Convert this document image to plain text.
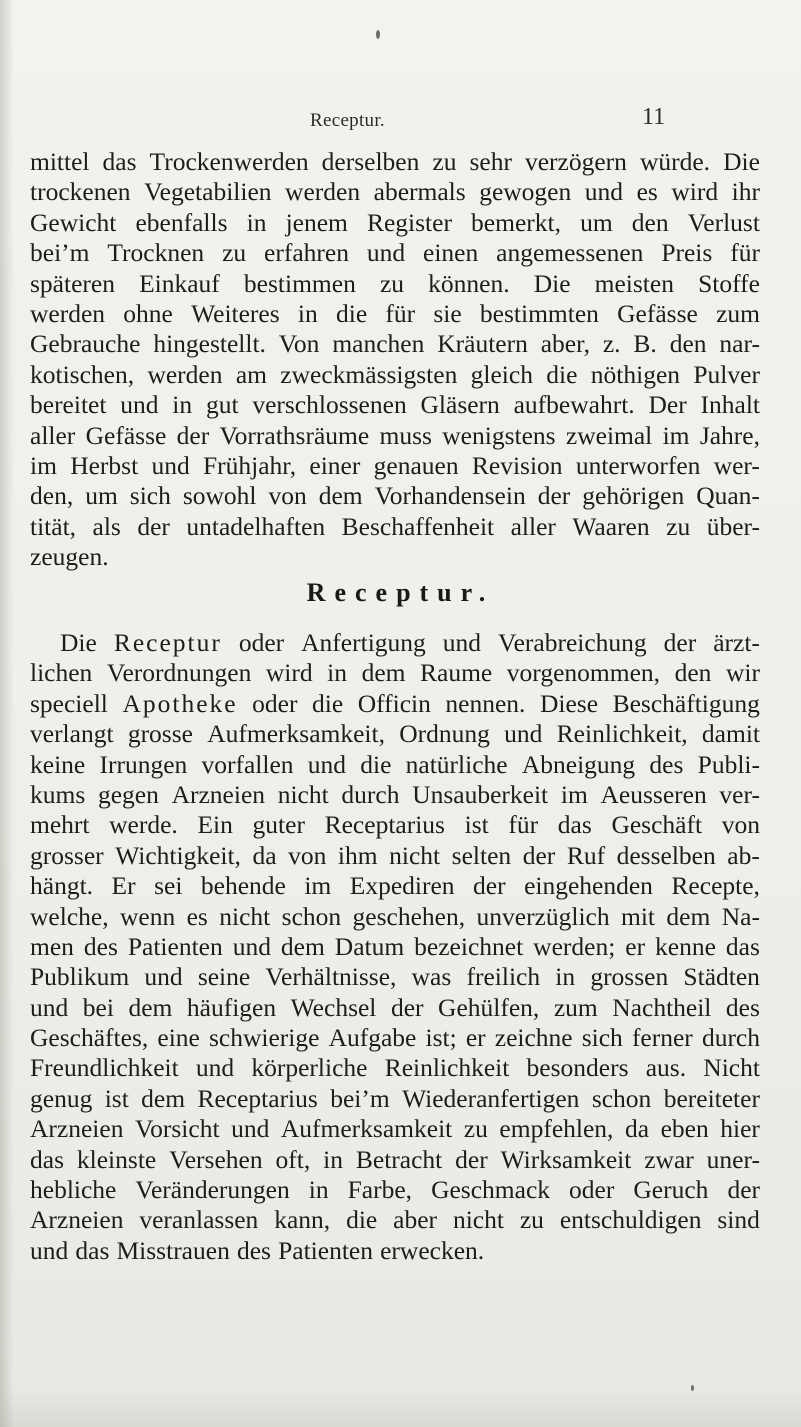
Receptur.	11
mittel das Trockenwerden derselben zu sehr verzögern würde. Die
trockenen Vegetabilien werden abermals gewogen und es wird ihr
Gewicht ebenfalls in jenem Register bemerkt, um den Verlust
bei’m Trocknen zu erfahren und einen angemessenen Preis für
späteren Einkauf bestimmen zu können. Die meisten Stoffe
werden ohne Weiteres in die für sie bestimmten Gefässe zum
Gebrauche hingestellt. Von manchen Kräutern aber, z. B. den nar-
kotischen, werden am zweckmässigsten gleich die nöthigen Pulver
bereitet und in gut verschlossenen Gläsern aufbewahrt. Der Inhalt
aller Gefässe der Vorrathsräume muss wenigstens zweimal im Jahre,
im Herbst und Frühjahr, einer genauen Revision unterworfen wer-
den, um sich sowohl von dem Vorhandensein der gehörigen Quan-
tität, als der untadelhaften Beschaffenheit aller Waaren zu über-
zeugen.
Receptur.
Die Receptur oder Anfertigung und Verabreichung der ärzt-
lichen Verordnungen wird in dem Raume vorgenommen, den wir
speciell Apotheke oder die Officin nennen. Diese Beschäftigung
verlangt grosse Aufmerksamkeit, Ordnung und Reinlichkeit, damit
keine Irrungen vorfallen und die natürliche Abneigung des Publi-
kums gegen Arzneien nicht durch Unsauberkeit im Aeusseren ver-
mehrt werde. Ein guter Receptarius ist für das Geschäft von
grosser Wichtigkeit, da von ihm nicht selten der Ruf desselben ab-
hängt. Er sei behende im Expediren der eingehenden Recepte,
welche, wenn es nicht schon geschehen, unverzüglich mit dem Na-
men des Patienten und dem Datum bezeichnet werden; er kenne das
Publikum und seine Verhältnisse, was freilich in grossen Städten
und bei dem häufigen Wechsel der Gehülfen, zum Nachtheil des
Geschäftes, eine schwierige Aufgabe ist; er zeichne sich ferner durch
Freundlichkeit und körperliche Reinlichkeit besonders aus. Nicht
genug ist dem Receptarius bei’m Wiederanfertigen schon bereiteter
Arzneien Vorsicht und Aufmerksamkeit zu empfehlen, da eben hier
das kleinste Versehen oft, in Betracht der Wirksamkeit zwar uner-
hebliche Veränderungen in Farbe, Geschmack oder Geruch der
Arzneien veranlassen kann, die aber nicht zu entschuldigen sind
und das Misstrauen des Patienten erwecken.
